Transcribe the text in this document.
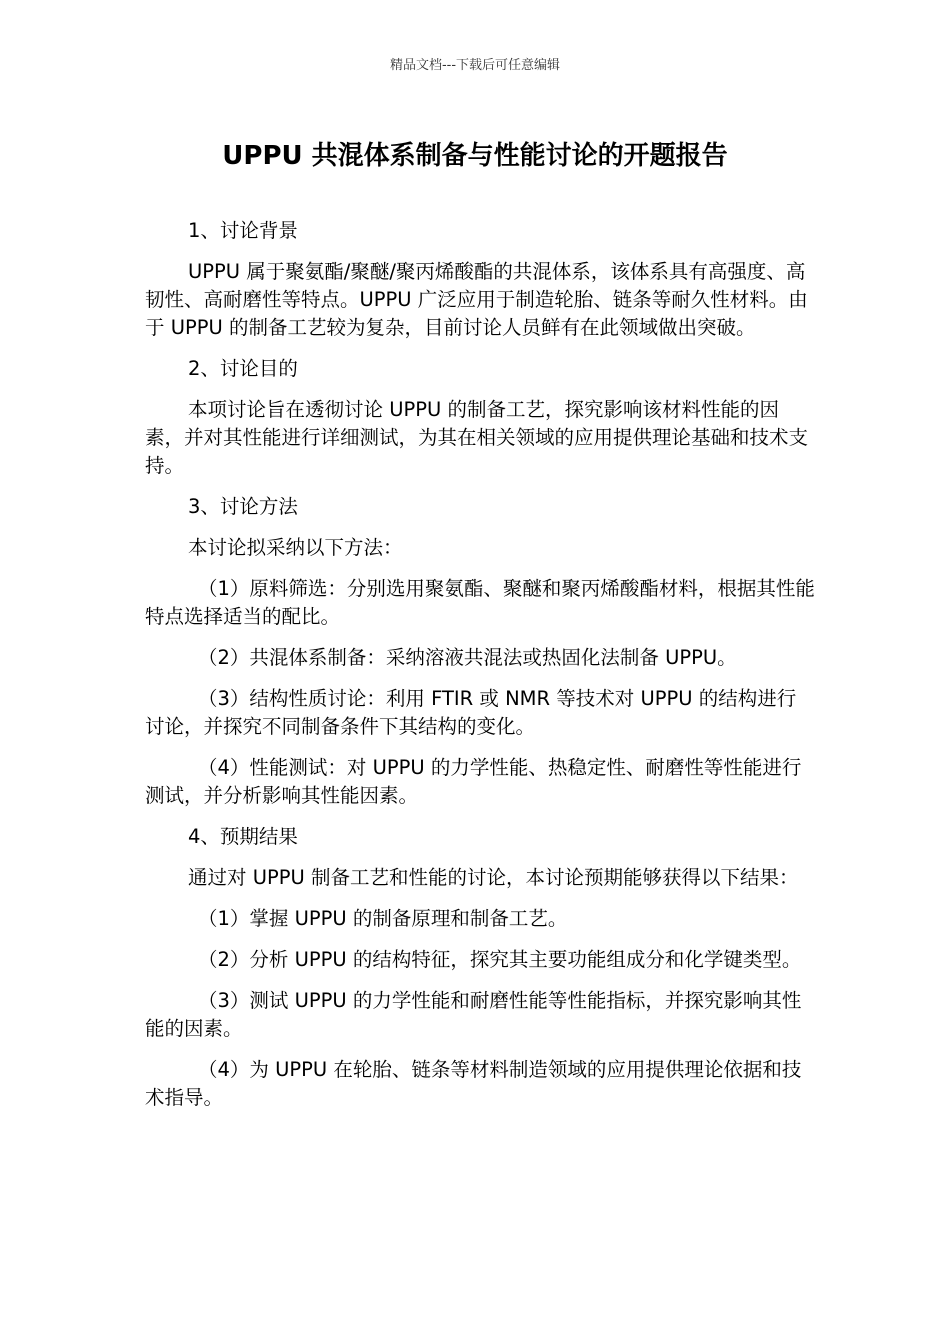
精品文档---下载后可任意编辑
UPPU 共混体系制备与性能讨论的开题报告

1、讨论背景

UPPU 属于聚氨酯/聚醚/聚丙烯酸酯的共混体系，该体系具有高强度、高韧性、高耐磨性等特点。UPPU 广泛应用于制造轮胎、链条等耐久性材料。由于 UPPU 的制备工艺较为复杂，目前讨论人员鲜有在此领域做出突破。

2、讨论目的

本项讨论旨在透彻讨论 UPPU 的制备工艺，探究影响该材料性能的因素，并对其性能进行详细测试，为其在相关领域的应用提供理论基础和技术支持。

3、讨论方法

本讨论拟采纳以下方法：

（1）原料筛选：分别选用聚氨酯、聚醚和聚丙烯酸酯材料，根据其性能特点选择适当的配比。

（2）共混体系制备：采纳溶液共混法或热固化法制备 UPPU。

（3）结构性质讨论：利用 FTIR 或 NMR 等技术对 UPPU 的结构进行讨论，并探究不同制备条件下其结构的变化。

（4）性能测试：对 UPPU 的力学性能、热稳定性、耐磨性等性能进行测试，并分析影响其性能因素。

4、预期结果

通过对 UPPU 制备工艺和性能的讨论，本讨论预期能够获得以下结果：

（1）掌握 UPPU 的制备原理和制备工艺。

（2）分析 UPPU 的结构特征，探究其主要功能组成分和化学键类型。

（3）测试 UPPU 的力学性能和耐磨性能等性能指标，并探究影响其性能的因素。

（4）为 UPPU 在轮胎、链条等材料制造领域的应用提供理论依据和技术指导。
